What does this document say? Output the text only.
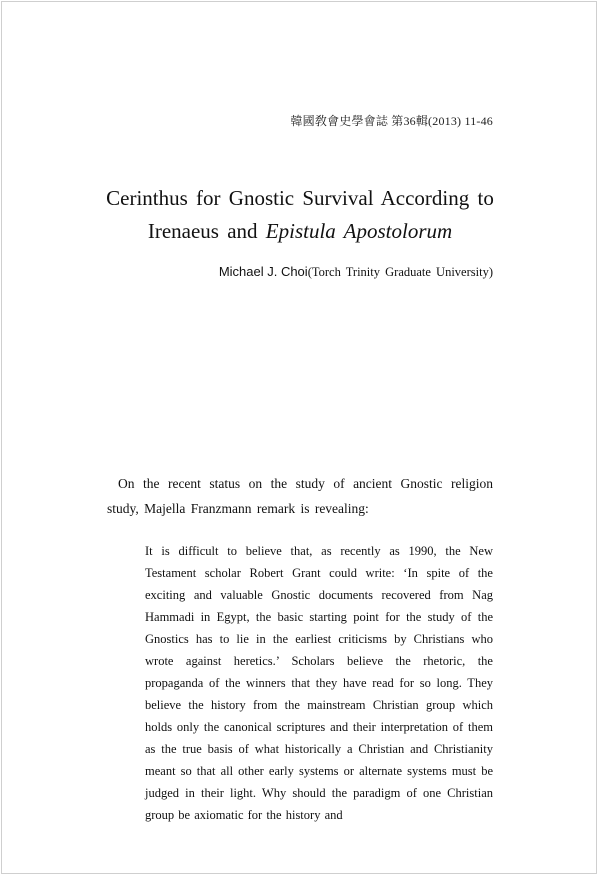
韓國敎會史學會誌 第36輯(2013) 11-46
Cerinthus for Gnostic Survival According to
Irenaeus and Epistula Apostolorum
Michael J. Choi(Torch Trinity Graduate University)

On the recent status on the study of ancient Gnostic religion study, Majella Franzmann remark is revealing:

It is difficult to believe that, as recently as 1990, the New Testament scholar Robert Grant could write: ‘In spite of the exciting and valuable Gnostic documents recovered from Nag Hammadi in Egypt, the basic starting point for the study of the Gnostics has to lie in the earliest criticisms by Christians who wrote against heretics.’ Scholars believe the rhetoric, the propaganda of the winners that they have read for so long. They believe the history from the mainstream Christian group which holds only the canonical scriptures and their interpretation of them as the true basis of what historically a Christian and Christianity meant so that all other early systems or alternate systems must be judged in their light. Why should the paradigm of one Christian group be axiomatic for the history and
